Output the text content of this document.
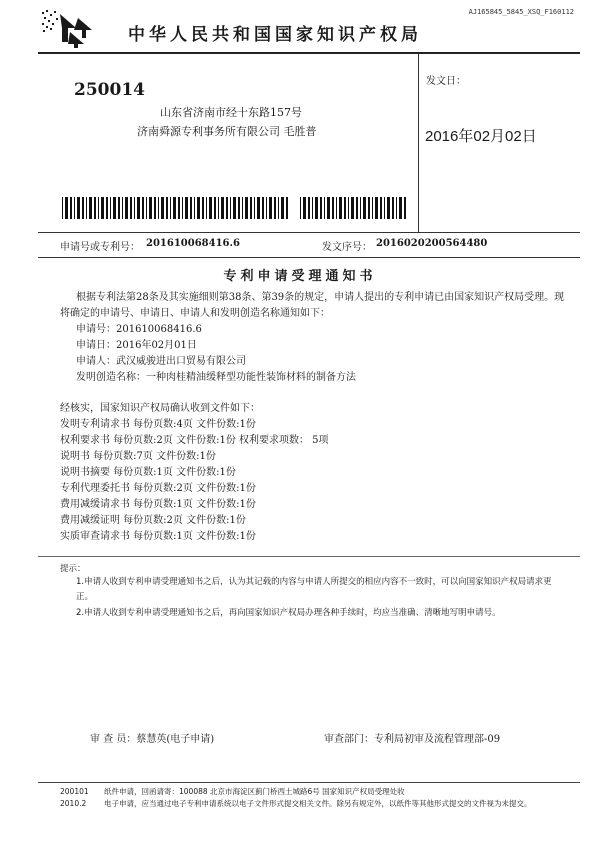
AJ165845_5845_XSQ_F160112
中华人民共和国国家知识产权局
250014
山东省济南市经十东路157号
济南舜源专利事务所有限公司 毛胜普
发文日：
2016年02月02日
申请号或专利号： 201610068416.6	发文序号： 2016020200564480
专利申请受理通知书
根据专利法第28条及其实施细则第38条、第39条的规定，申请人提出的专利申请已由国家知识产权局受理。现将确定的申请号、申请日、申请人和发明创造名称通知如下：
申请号：201610068416.6
申请日：2016年02月01日
申请人：武汉威骏进出口贸易有限公司
发明创造名称：一种肉桂精油缓释型功能性装饰材料的制备方法
经核实，国家知识产权局确认收到文件如下：
发明专利请求书 每份页数:4页 文件份数:1份
权利要求书 每份页数:2页 文件份数:1份 权利要求项数： 5项
说明书 每份页数:7页 文件份数:1份
说明书摘要 每份页数:1页 文件份数:1份
专利代理委托书 每份页数:2页 文件份数:1份
费用减缓请求书 每份页数:1页 文件份数:1份
费用减缓证明 每份页数:2页 文件份数:1份
实质审查请求书 每份页数:1页 文件份数:1份
提示：
1.申请人收到专利申请受理通知书之后，认为其记载的内容与申请人所提交的相应内容不一致时，可以向国家知识产权局请求更正。
2.申请人收到专利申请受理通知书之后，再向国家知识产权局办理各种手续时，均应当准确、清晰地写明申请号。
审 查 员：蔡慧英(电子申请)	审查部门：专利局初审及流程管理部-09
200101 纸件申请，回函请寄：100088 北京市海淀区蓟门桥西土城路6号 国家知识产权局受理处收
2010.2 电子申请，应当通过电子专利申请系统以电子文件形式提交相关文件。除另有规定外，以纸件等其他形式提交的文件视为未提交。
